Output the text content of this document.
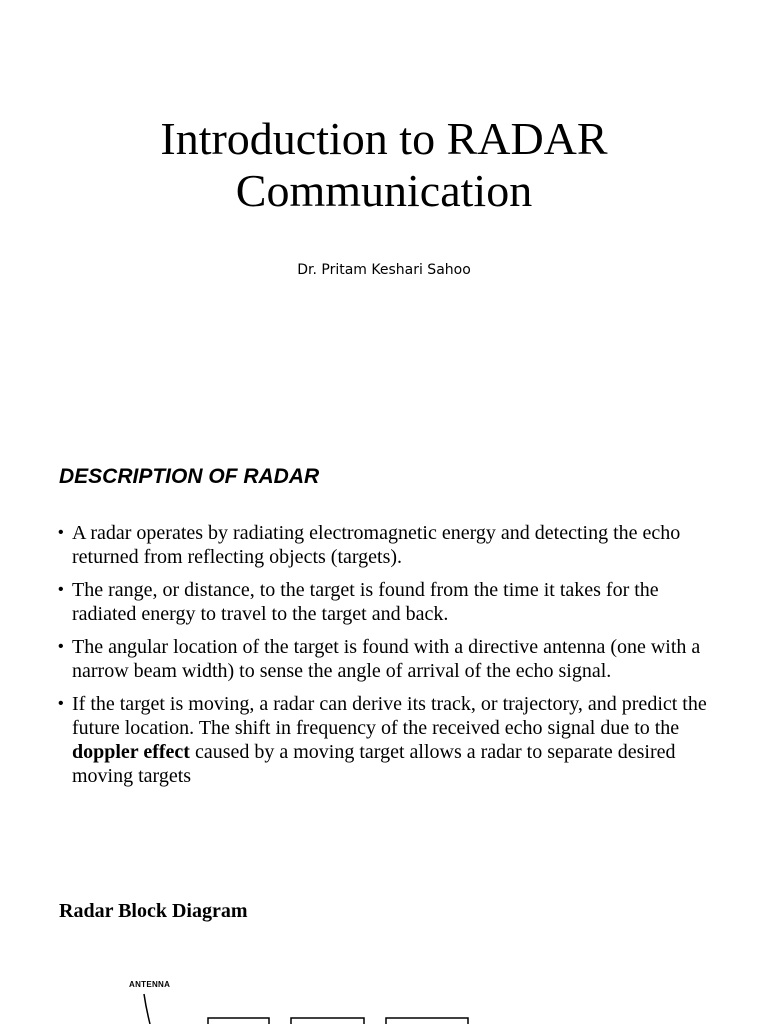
Introduction to RADAR
Communication
Dr. Pritam Keshari Sahoo
DESCRIPTION OF RADAR
• A radar operates by radiating electromagnetic energy and detecting the echo returned from reflecting objects (targets).
• The range, or distance, to the target is found from the time it takes for the radiated energy to travel to the target and back.
• The angular location of the target is found with a directive antenna (one with a narrow beam width) to sense the angle of arrival of the echo signal.
• If the target is moving, a radar can derive its track, or trajectory, and predict the future location. The shift in frequency of the received echo signal due to the doppler effect caused by a moving target allows a radar to separate desired moving targets
Radar Block Diagram
ANTENNA
